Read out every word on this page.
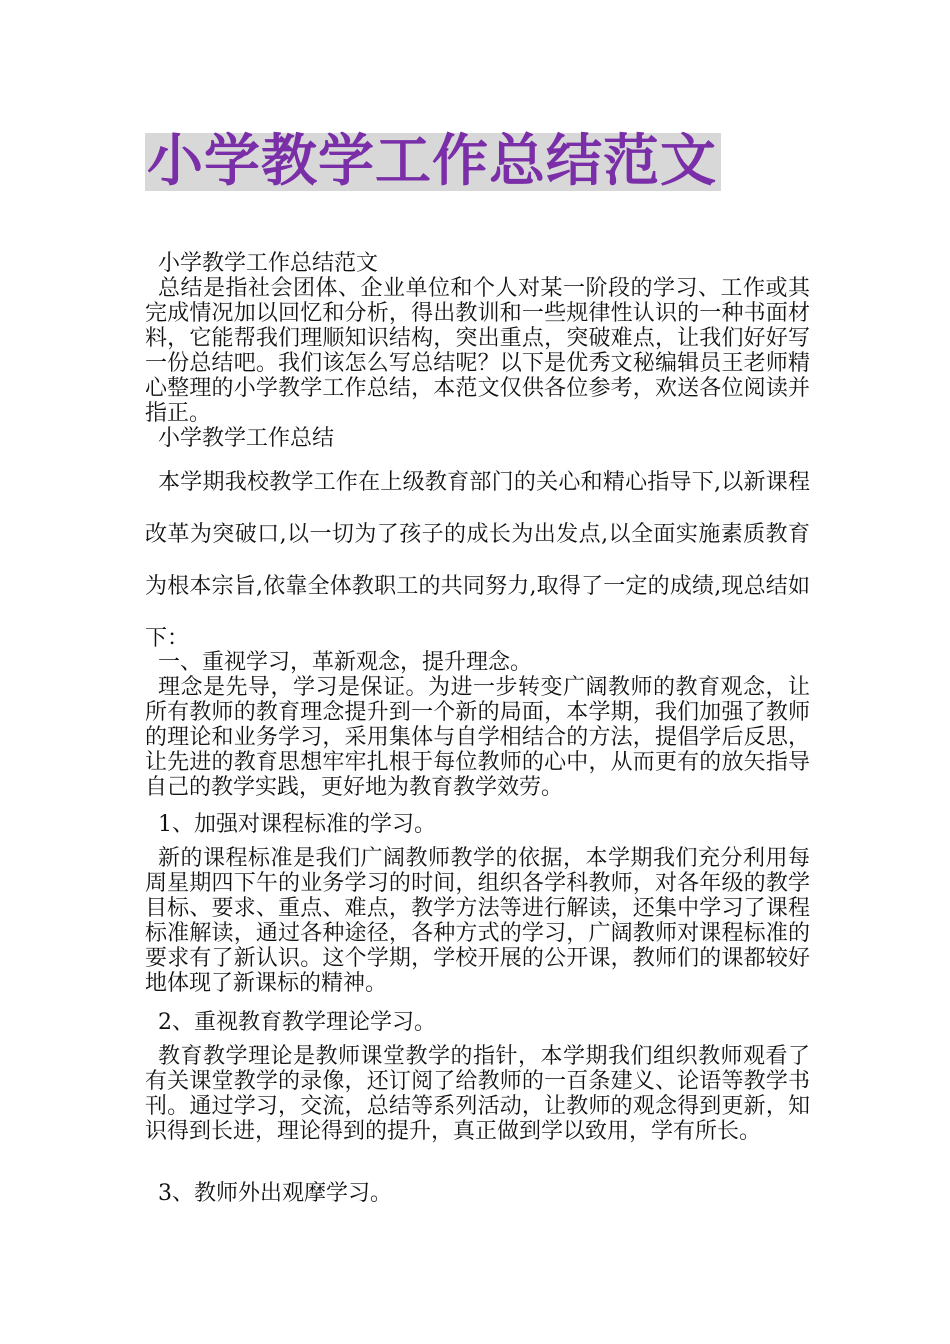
小学教学工作总结范文

小学教学工作总结范文

总结是指社会团体、企业单位和个人对某一阶段的学习、工作或其完成情况加以回忆和分析，得出教训和一些规律性认识的一种书面材料，它能帮我们理顺知识结构，突出重点，突破难点，让我们好好写一份总结吧。我们该怎么写总结呢？以下是优秀文秘编辑员王老师精心整理的小学教学工作总结，本范文仅供各位参考，欢送各位阅读并指正。

小学教学工作总结

本学期我校教学工作在上级教育部门的关心和精心指导下,以新课程改革为突破口,以一切为了孩子的成长为出发点,以全面实施素质教育为根本宗旨,依靠全体教职工的共同努力,取得了一定的成绩,现总结如下：

一、重视学习，革新观念，提升理念。

理念是先导，学习是保证。为进一步转变广阔教师的教育观念，让所有教师的教育理念提升到一个新的局面，本学期，我们加强了教师的理论和业务学习，采用集体与自学相结合的方法，提倡学后反思，让先进的教育思想牢牢扎根于每位教师的心中，从而更有的放矢指导自己的教学实践，更好地为教育教学效劳。

1、加强对课程标准的学习。

新的课程标准是我们广阔教师教学的依据，本学期我们充分利用每周星期四下午的业务学习的时间，组织各学科教师，对各年级的教学目标、要求、重点、难点，教学方法等进行解读，还集中学习了课程标准解读，通过各种途径，各种方式的学习，广阔教师对课程标准的要求有了新认识。这个学期，学校开展的公开课，教师们的课都较好地体现了新课标的精神。

2、重视教育教学理论学习。

教育教学理论是教师课堂教学的指针，本学期我们组织教师观看了有关课堂教学的录像，还订阅了给教师的一百条建义、论语等教学书刊。通过学习，交流，总结等系列活动，让教师的观念得到更新，知识得到长进，理论得到的提升，真正做到学以致用，学有所长。

3、教师外出观摩学习。
